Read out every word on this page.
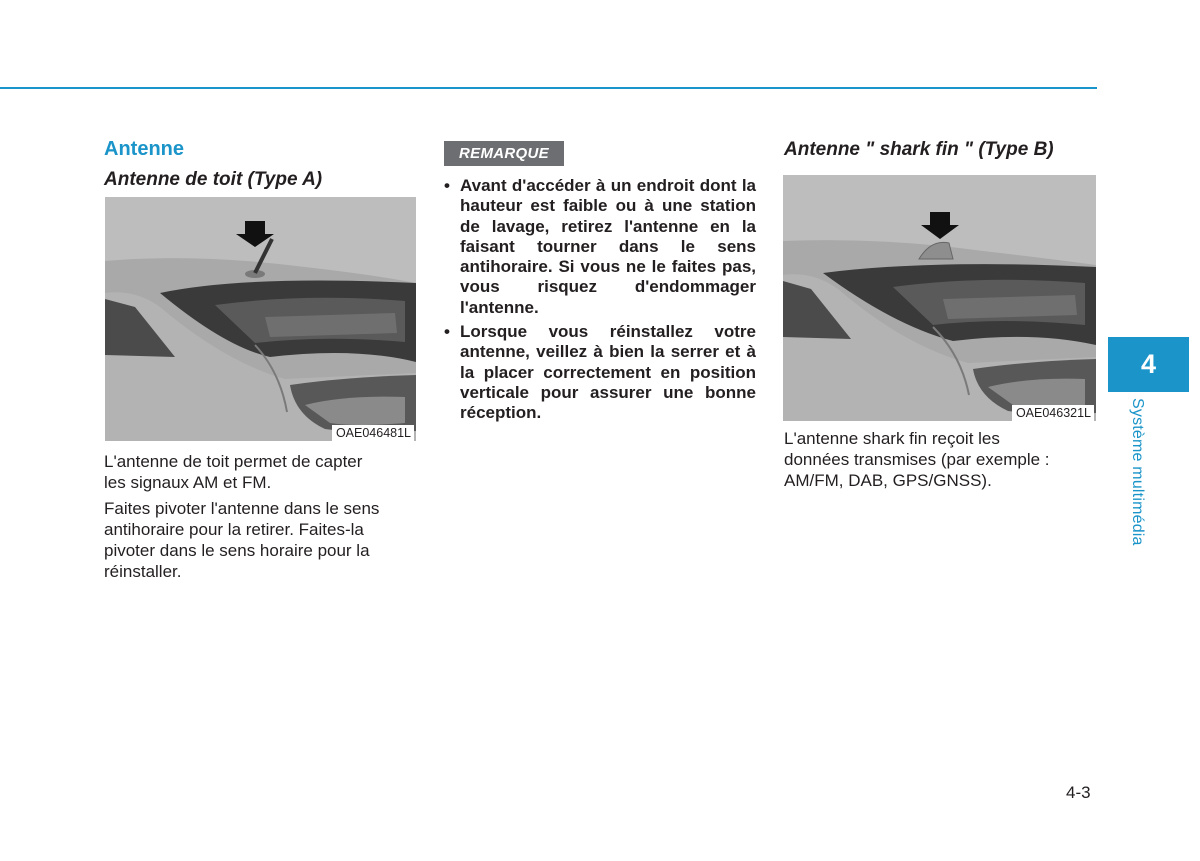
Antenne
Antenne de toit (Type A)
OAE046481L

L'antenne de toit permet de capter
les signaux AM et FM.

Faites pivoter l'antenne dans le sens
antihoraire pour la retirer. Faites-la
pivoter dans le sens horaire pour la
réinstaller.

REMARQUE
• Avant d'accéder à un endroit dont la hauteur est faible ou à une station de lavage, retirez l'antenne en la faisant tourner dans le sens antihoraire. Si vous ne le faites pas, vous risquez d'endommager l'antenne.
• Lorsque vous réinstallez votre antenne, veillez à bien la serrer et à la placer correctement en position verticale pour assurer une bonne réception.
Antenne " shark fin " (Type B)
OAE046321L

L'antenne shark fin reçoit les
données transmises (par exemple :
AM/FM, DAB, GPS/GNSS).

4
Système multimédia
4-3
